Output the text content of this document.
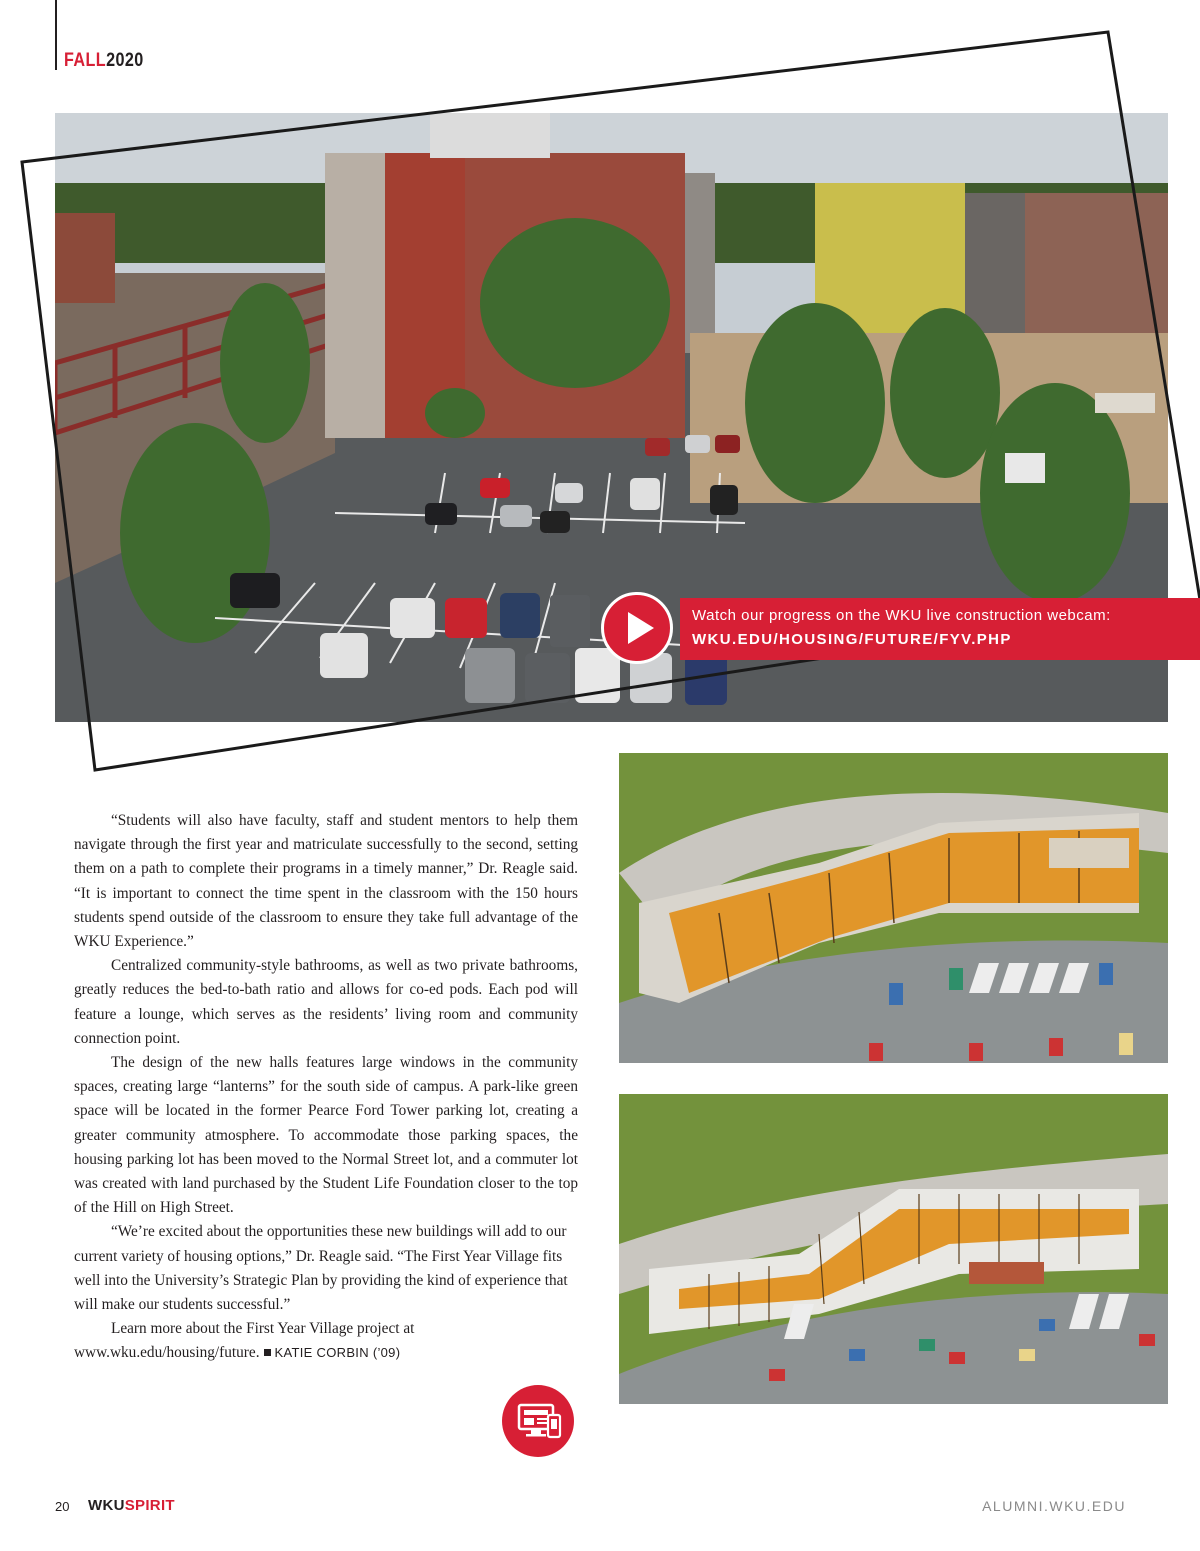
FALL2020
Watch our progress on the WKU live construction webcam:
WKU.EDU/HOUSING/FUTURE/FYV.PHP

“Students will also have faculty, staff and student mentors to help them navigate through the first year and matriculate successfully to the second, setting them on a path to complete their programs in a timely manner,” Dr. Reagle said. “It is important to connect the time spent in the classroom with the 150 hours students spend outside of the classroom to ensure they take full advantage of the WKU Experience.”

Centralized community-style bathrooms, as well as two private bathrooms, greatly reduces the bed-to-bath ratio and allows for co-ed pods. Each pod will feature a lounge, which serves as the residents’ living room and community connection point.

The design of the new halls features large windows in the community spaces, creating large “lanterns” for the south side of campus. A park-like green space will be located in the former Pearce Ford Tower parking lot, creating a greater community atmosphere. To accommodate those parking spaces, the housing parking lot has been moved to the Normal Street lot, and a commuter lot was created with land purchased by the Student Life Foundation closer to the top of the Hill on High Street.

“We’re excited about the opportunities these new buildings will add to our current variety of housing options,” Dr. Reagle said. “The First Year Village fits well into the University’s Strategic Plan by providing the kind of experience that will make our students successful.”

Learn more about the First Year Village project at www.wku.edu/housing/future. KATIE CORBIN (’09)

20 WKUSPIRIT	ALUMNI.WKU.EDU
